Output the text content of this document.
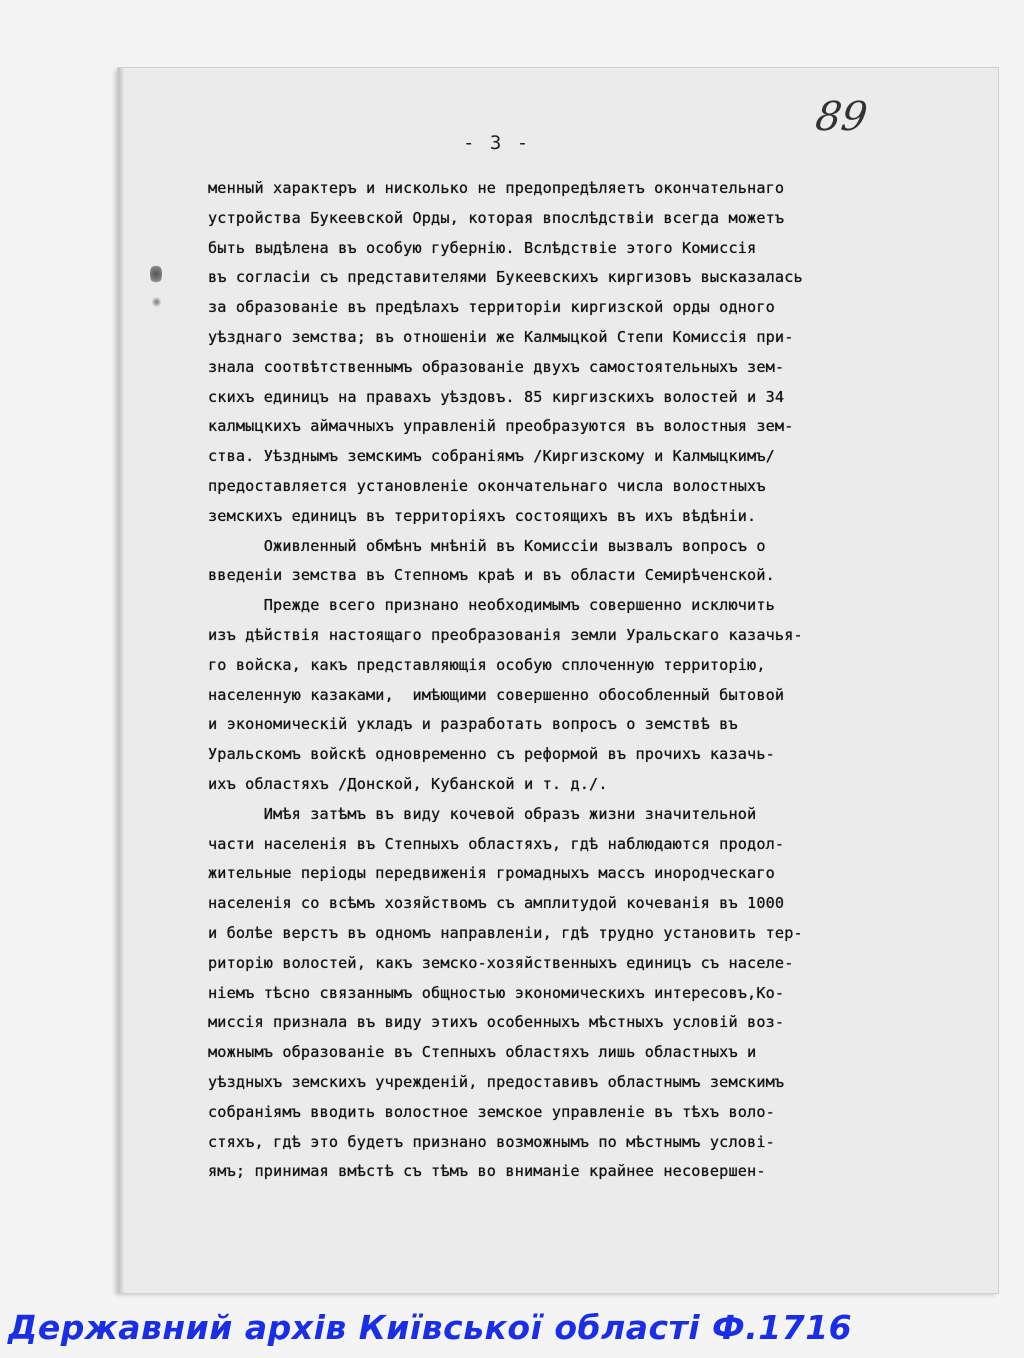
89
- 3 -
менный характеръ и нисколько не предопредѣляетъ окончательнаго
устройства Букеевской Орды, которая впослѣдствіи всегда можетъ
быть выдѣлена въ особую губернію. Вслѣдствіе этого Комиссія
въ согласіи съ представителями Букеевскихъ киргизовъ высказалась
за образованіе въ предѣлахъ территоріи киргизской орды одного
уѣзднаго земства; въ отношеніи же Калмыцкой Степи Комиссія при-
знала соотвѣтственнымъ образованіе двухъ самостоятельныхъ зем-
скихъ единицъ на правахъ уѣздовъ. 85 киргизскихъ волостей и 34
калмыцкихъ аймачныхъ управленій преобразуются въ волостныя зем-
ства. Уѣзднымъ земскимъ собраніямъ /Киргизскому и Калмыцкимъ/
предоставляется установленіе окончательнаго числа волостныхъ
земскихъ единицъ въ территоріяхъ состоящихъ въ ихъ вѣдѣніи.
Оживленный обмѣнъ мнѣній въ Комиссіи вызвалъ вопросъ о
введеніи земства въ Степномъ краѣ и въ области Семирѣченской.
Прежде всего признано необходимымъ совершенно исключить
изъ дѣйствія настоящаго преобразованія земли Уральскаго казачья-
го войска, какъ представляющія особую сплоченную территорію,
населенную казаками,  имѣющими совершенно обособленный бытовой
и экономическій укладъ и разработать вопросъ о земствѣ въ
Уральскомъ войскѣ одновременно съ реформой въ прочихъ казачь-
ихъ областяхъ /Донской, Кубанской и т. д./.
Имѣя затѣмъ въ виду кочевой образъ жизни значительной
части населенія въ Степныхъ областяхъ, гдѣ наблюдаются продол-
жительные періоды передвиженія громадныхъ массъ инородческаго
населенія со всѣмъ хозяйствомъ съ амплитудой кочеванія въ 1000
и болѣе верстъ въ одномъ направленіи, гдѣ трудно установить тер-
риторію волостей, какъ земско-хозяйственныхъ единицъ съ населе-
ніемъ тѣсно связаннымъ общностью экономическихъ интересовъ,Ко-
миссія признала въ виду этихъ особенныхъ мѣстныхъ условій воз-
можнымъ образованіе въ Степныхъ областяхъ лишь областныхъ и
уѣздныхъ земскихъ учрежденій, предоставивъ областнымъ земскимъ
собраніямъ вводить волостное земское управленіе въ тѣхъ воло-
стяхъ, гдѣ это будетъ признано возможнымъ по мѣстнымъ услові-
ямъ; принимая вмѣстѣ съ тѣмъ во вниманіе крайнее несовершен-
Державний архів Київської області Ф.1716
